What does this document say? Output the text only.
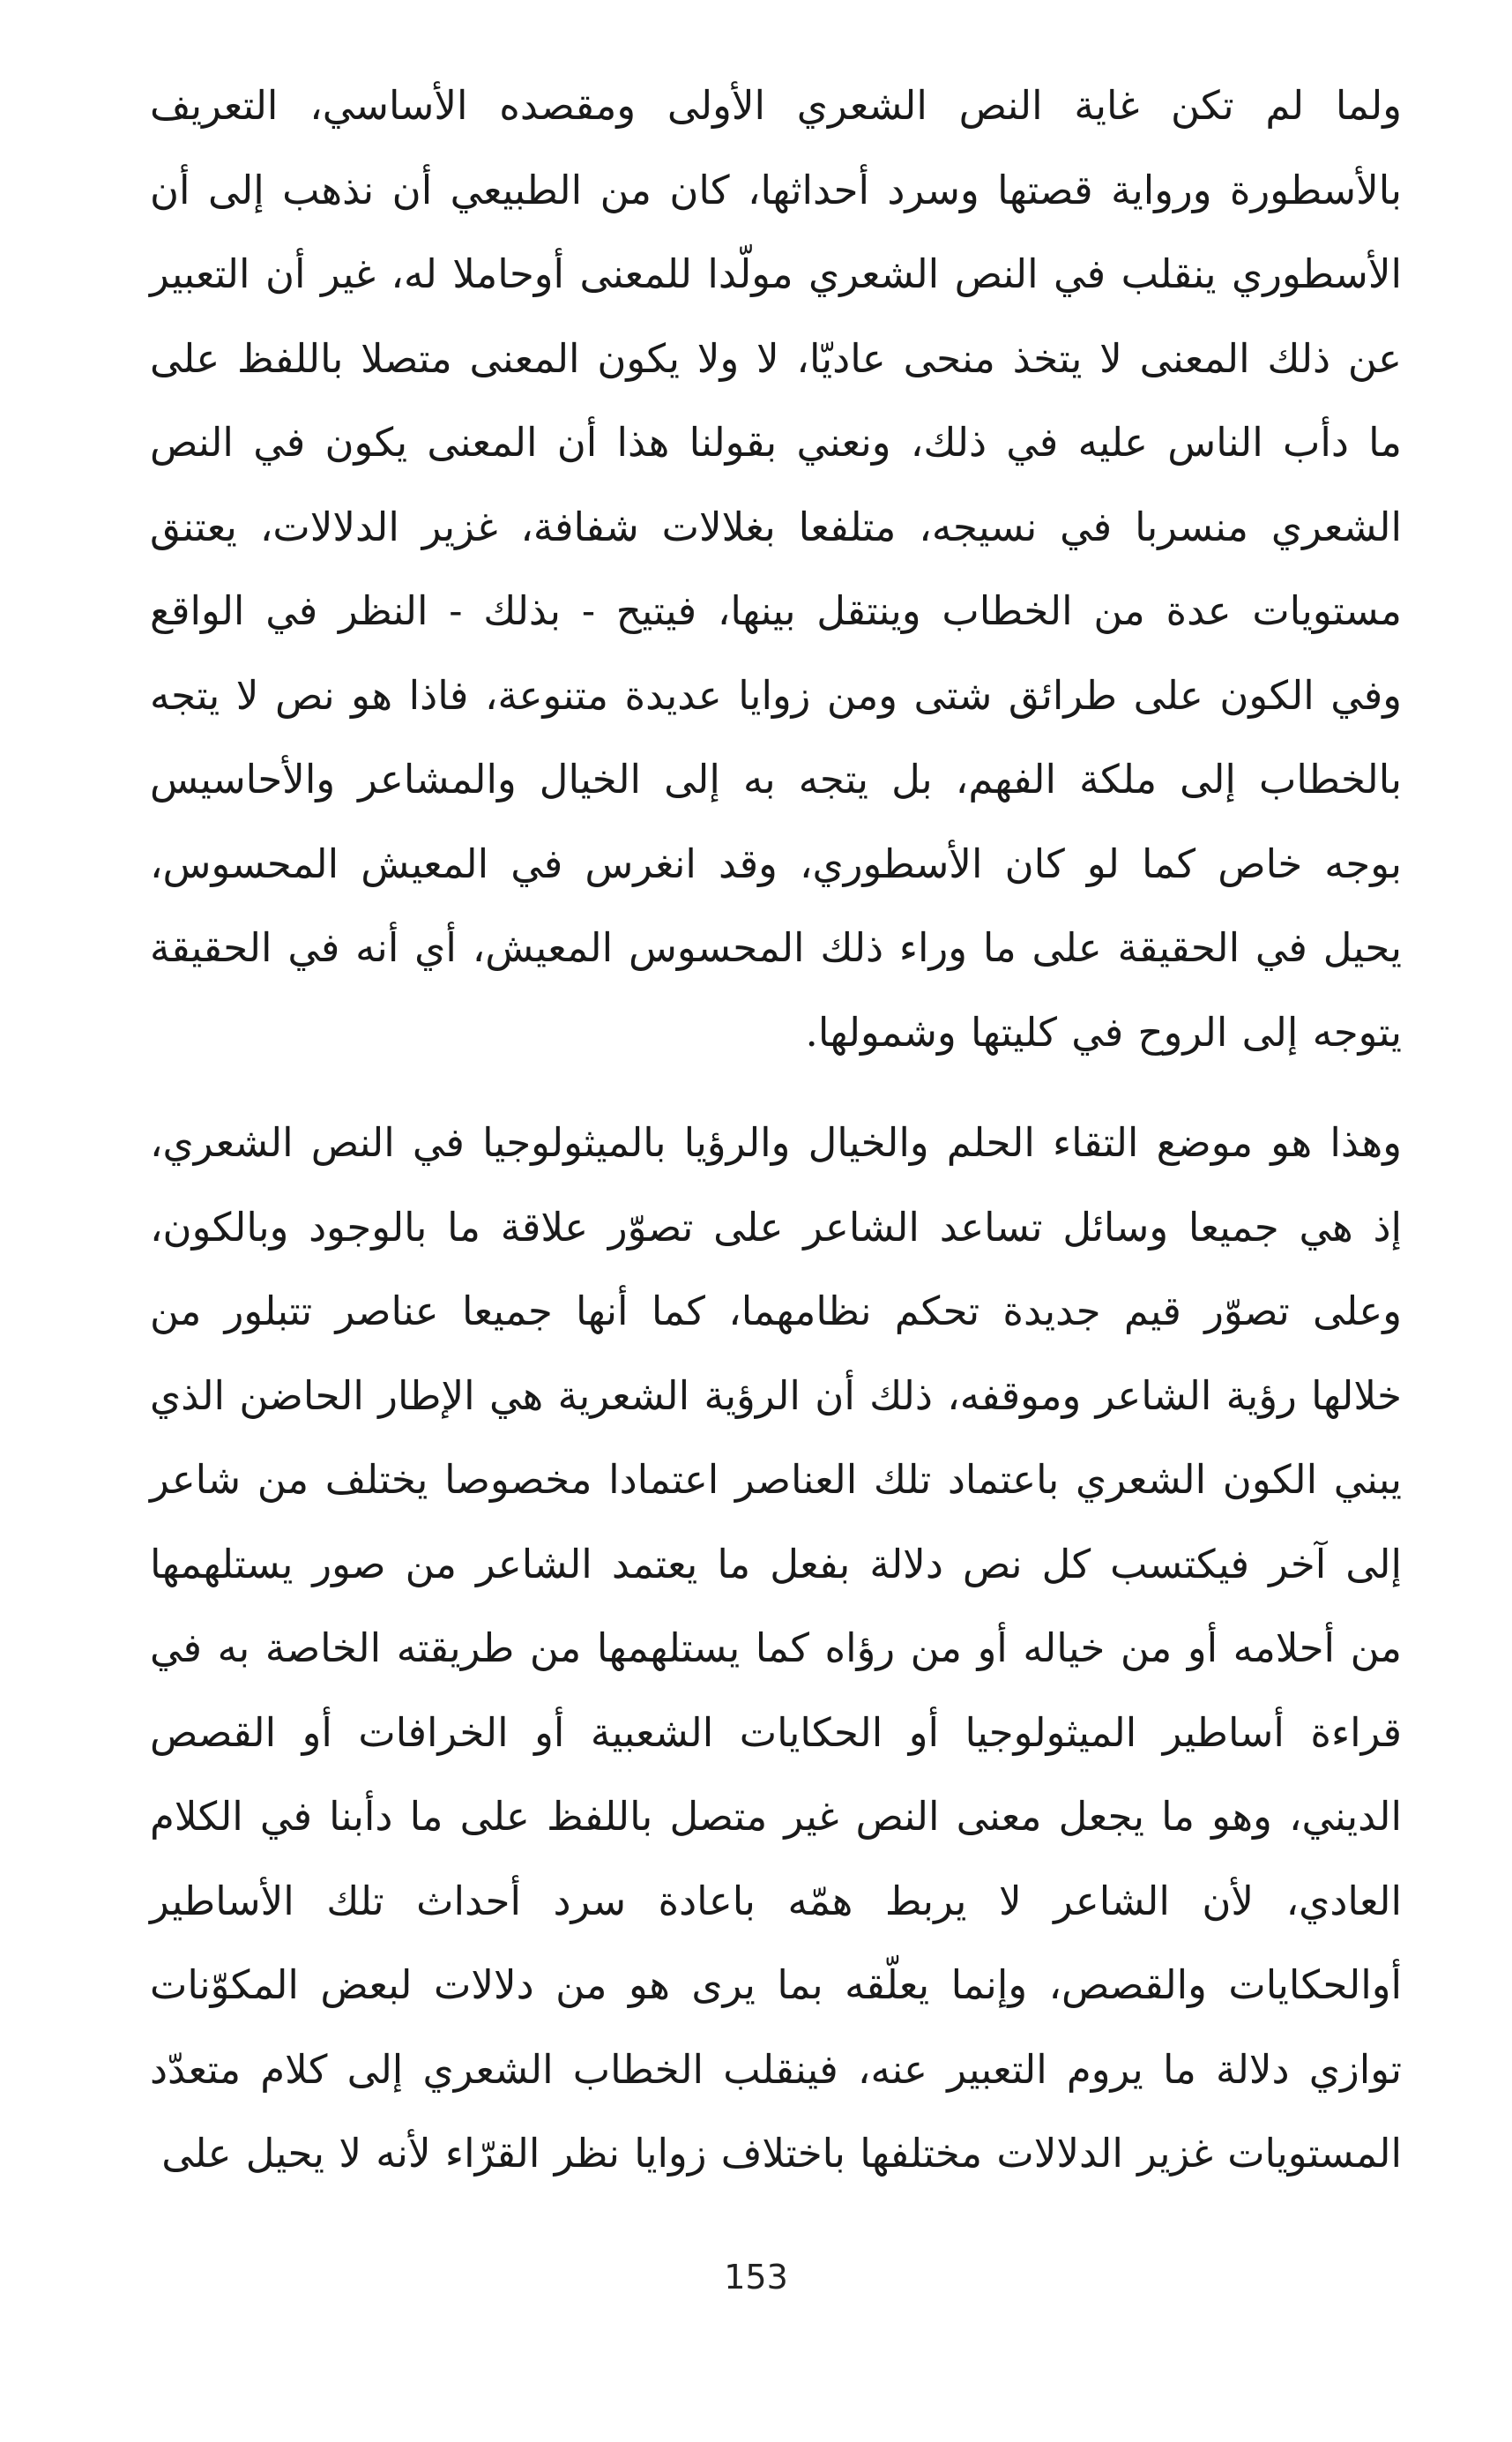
ولما لم تكن غاية النص الشعري الأولى ومقصده الأساسي، التعريف بالأسطورة ورواية قصتها وسرد أحداثها، كان من الطبيعي أن نذهب إلى أن الأسطوري ينقلب في النص الشعري مولّدا للمعنى أوحاملا له، غير أن التعبير عن ذلك المعنى لا يتخذ منحى عاديّا، لا ولا يكون المعنى متصلا باللفظ على ما دأب الناس عليه في ذلك، ونعني بقولنا هذا أن المعنى يكون في النص الشعري منسربا في نسيجه، متلفعا بغلالات شفافة، غزير الدلالات، يعتنق مستويات عدة من الخطاب وينتقل بينها، فيتيح - بذلك - النظر في الواقع وفي الكون على طرائق شتى ومن زوايا عديدة متنوعة، فاذا هو نص لا يتجه بالخطاب إلى ملكة الفهم، بل يتجه به إلى الخيال والمشاعر والأحاسيس بوجه خاص كما لو كان الأسطوري، وقد انغرس في المعيش المحسوس، يحيل في الحقيقة على ما وراء ذلك المحسوس المعيش، أي أنه في الحقيقة يتوجه إلى الروح في كليتها وشمولها.

وهذا هو موضع التقاء الحلم والخيال والرؤيا بالميثولوجيا في النص الشعري، إذ هي جميعا وسائل تساعد الشاعر على تصوّر علاقة ما بالوجود وبالكون، وعلى تصوّر قيم جديدة تحكم نظامهما، كما أنها جميعا عناصر تتبلور من خلالها رؤية الشاعر وموقفه، ذلك أن الرؤية الشعرية هي الإطار الحاضن الذي يبني الكون الشعري باعتماد تلك العناصر اعتمادا مخصوصا يختلف من شاعر إلى آخر فيكتسب كل نص دلالة بفعل ما يعتمد الشاعر من صور يستلهمها من أحلامه أو من خياله أو من رؤاه كما يستلهمها من طريقته الخاصة به في قراءة أساطير الميثولوجيا أو الحكايات الشعبية أو الخرافات أو القصص الديني، وهو ما يجعل معنى النص غير متصل باللفظ على ما دأبنا في الكلام العادي، لأن الشاعر لا يربط همّه باعادة سرد أحداث تلك الأساطير أوالحكايات والقصص، وإنما يعلّقه بما يرى هو من دلالات لبعض المكوّنات توازي دلالة ما يروم التعبير عنه، فينقلب الخطاب الشعري إلى كلام متعدّد المستويات غزير الدلالات مختلفها باختلاف زوايا نظر القرّاء لأنه لا يحيل على

153
